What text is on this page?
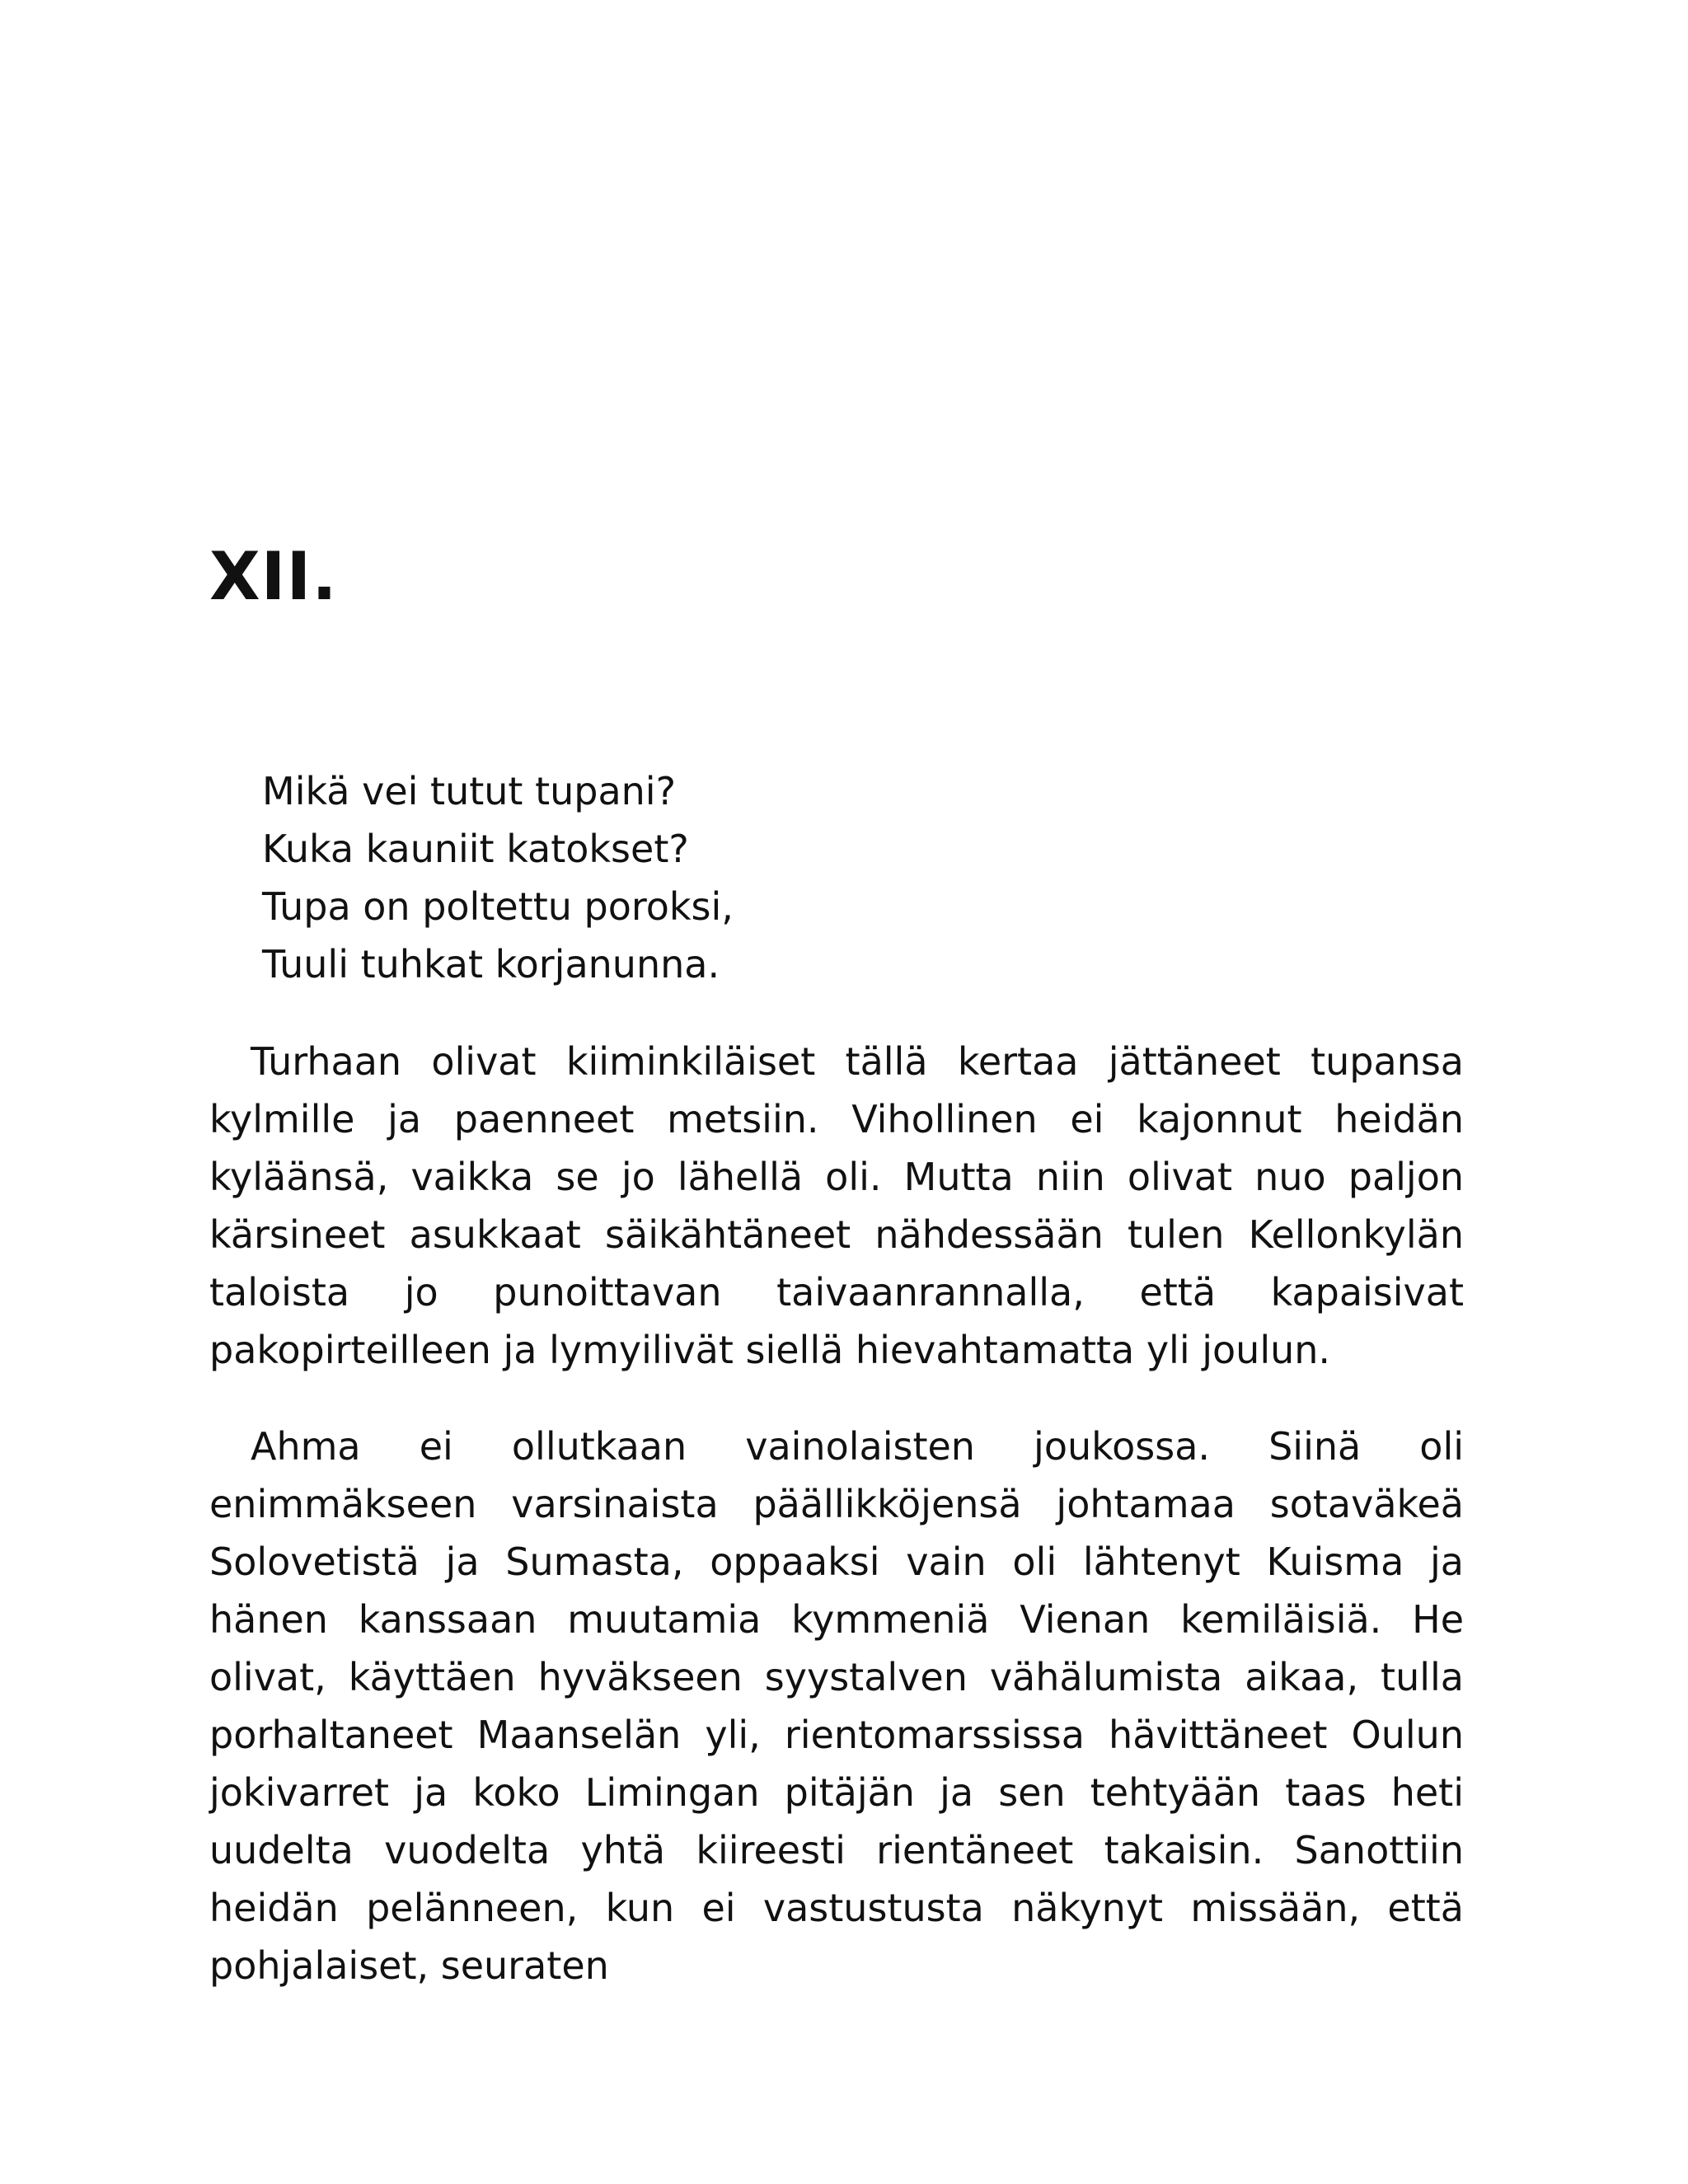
XII.
Mikä vei tutut tupani?
Kuka kauniit katokset?
Tupa on poltettu poroksi,
Tuuli tuhkat korjanunna.

Turhaan olivat kiiminkiläiset tällä kertaa jättäneet tupansa kylmille ja paenneet metsiin. Vihollinen ei kajonnut heidän kyläänsä, vaikka se jo lähellä oli. Mutta niin olivat nuo paljon kärsineet asukkaat säikähtäneet nähdessään tulen Kellonkylän taloista jo punoittavan taivaanrannalla, että kapaisivat pakopirteilleen ja lymyilivät siellä hievahtamatta yli joulun.

Ahma ei ollutkaan vainolaisten joukossa. Siinä oli enimmäkseen varsinaista päällikköjensä johtamaa sotaväkeä Solovetistä ja Sumasta, oppaaksi vain oli lähtenyt Kuisma ja hänen kanssaan muutamia kymmeniä Vienan kemiläisiä. He olivat, käyttäen hyväkseen syystalven vähälumista aikaa, tulla porhaltaneet Maanselän yli, rientomarssissa hävittäneet Oulun jokivarret ja koko Limingan pitäjän ja sen tehtyään taas heti uudelta vuodelta yhtä kiireesti rientäneet takaisin. Sanottiin heidän pelänneen, kun ei vastustusta näkynyt missään, että pohjalaiset, seuraten
